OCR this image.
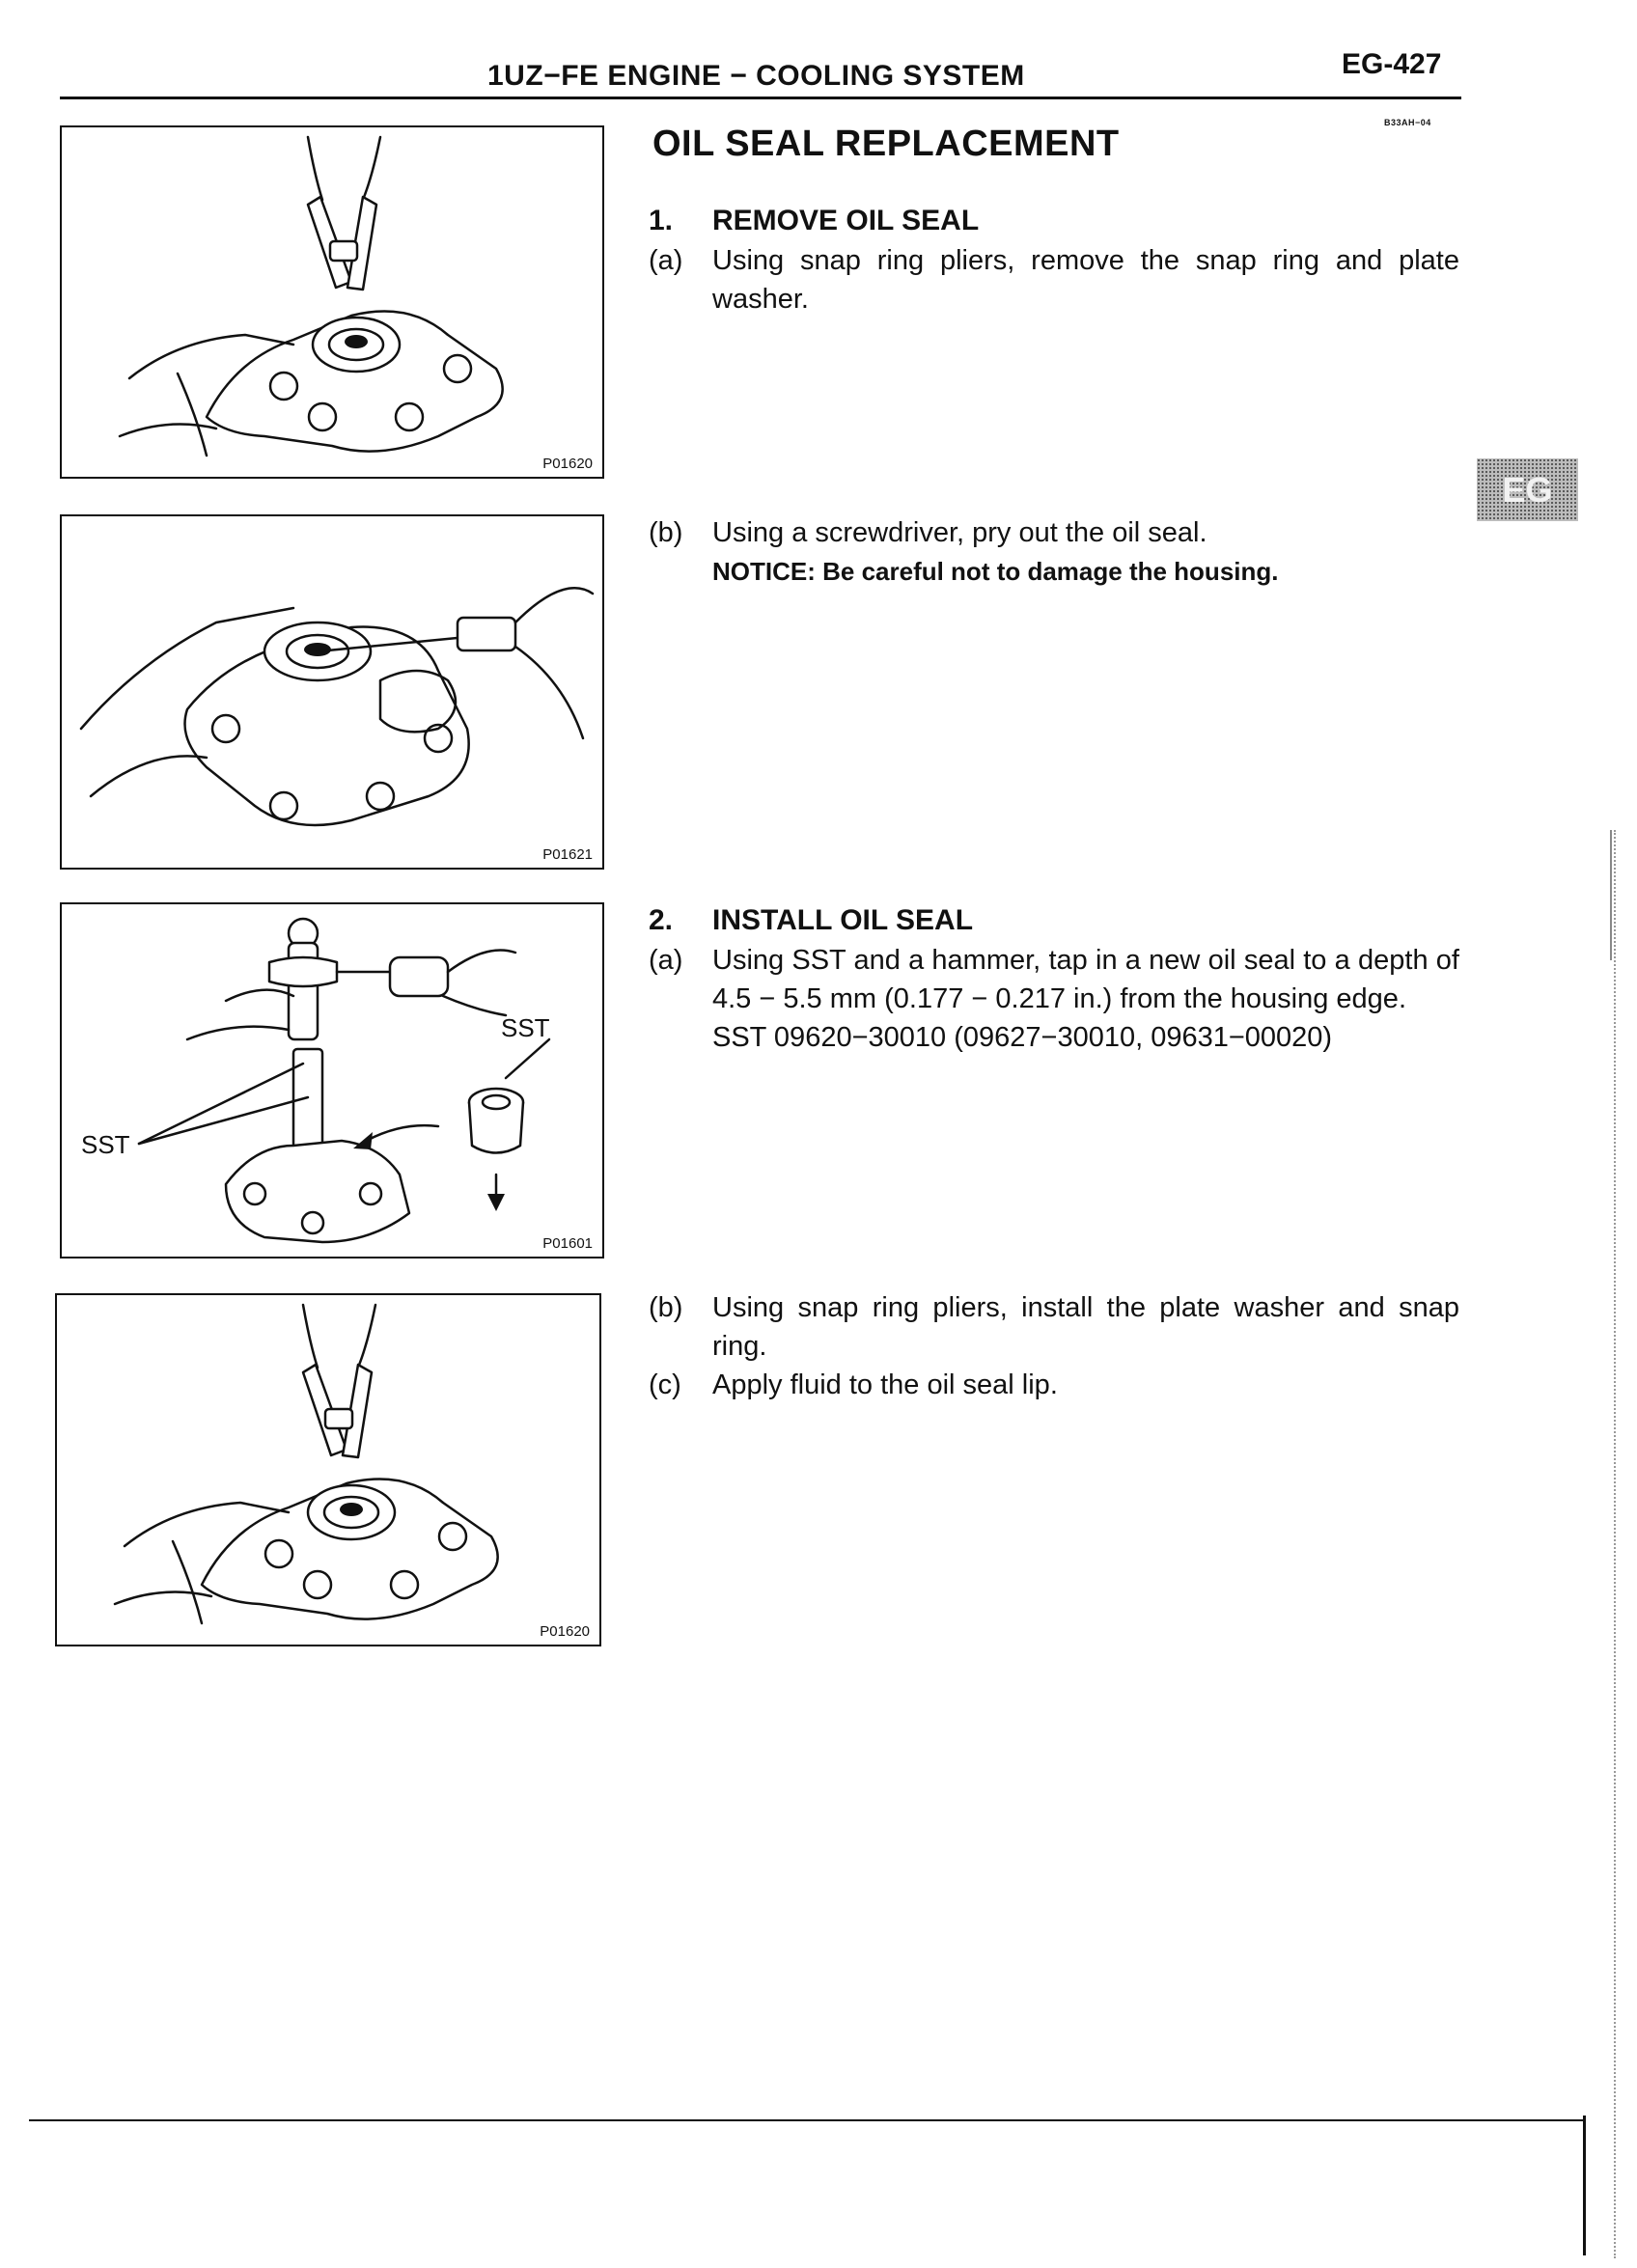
1UZ−FE ENGINE − COOLING SYSTEM	EG-427
B33AH−04
EG
P01620
P01621
SST
SST
P01601
P01620
OIL SEAL REPLACEMENT
1. REMOVE OIL SEAL
(a) Using snap ring pliers, remove the snap ring and plate washer.
(b) Using a screwdriver, pry out the oil seal.
NOTICE: Be careful not to damage the housing.
2. INSTALL OIL SEAL
(a) Using SST and a hammer, tap in a new oil seal to a depth of 4.5 − 5.5 mm (0.177 − 0.217 in.) from the housing edge.
SST 09620−30010 (09627−30010, 09631−00020)
(b) Using snap ring pliers, install the plate washer and snap ring.
(c) Apply fluid to the oil seal lip.
